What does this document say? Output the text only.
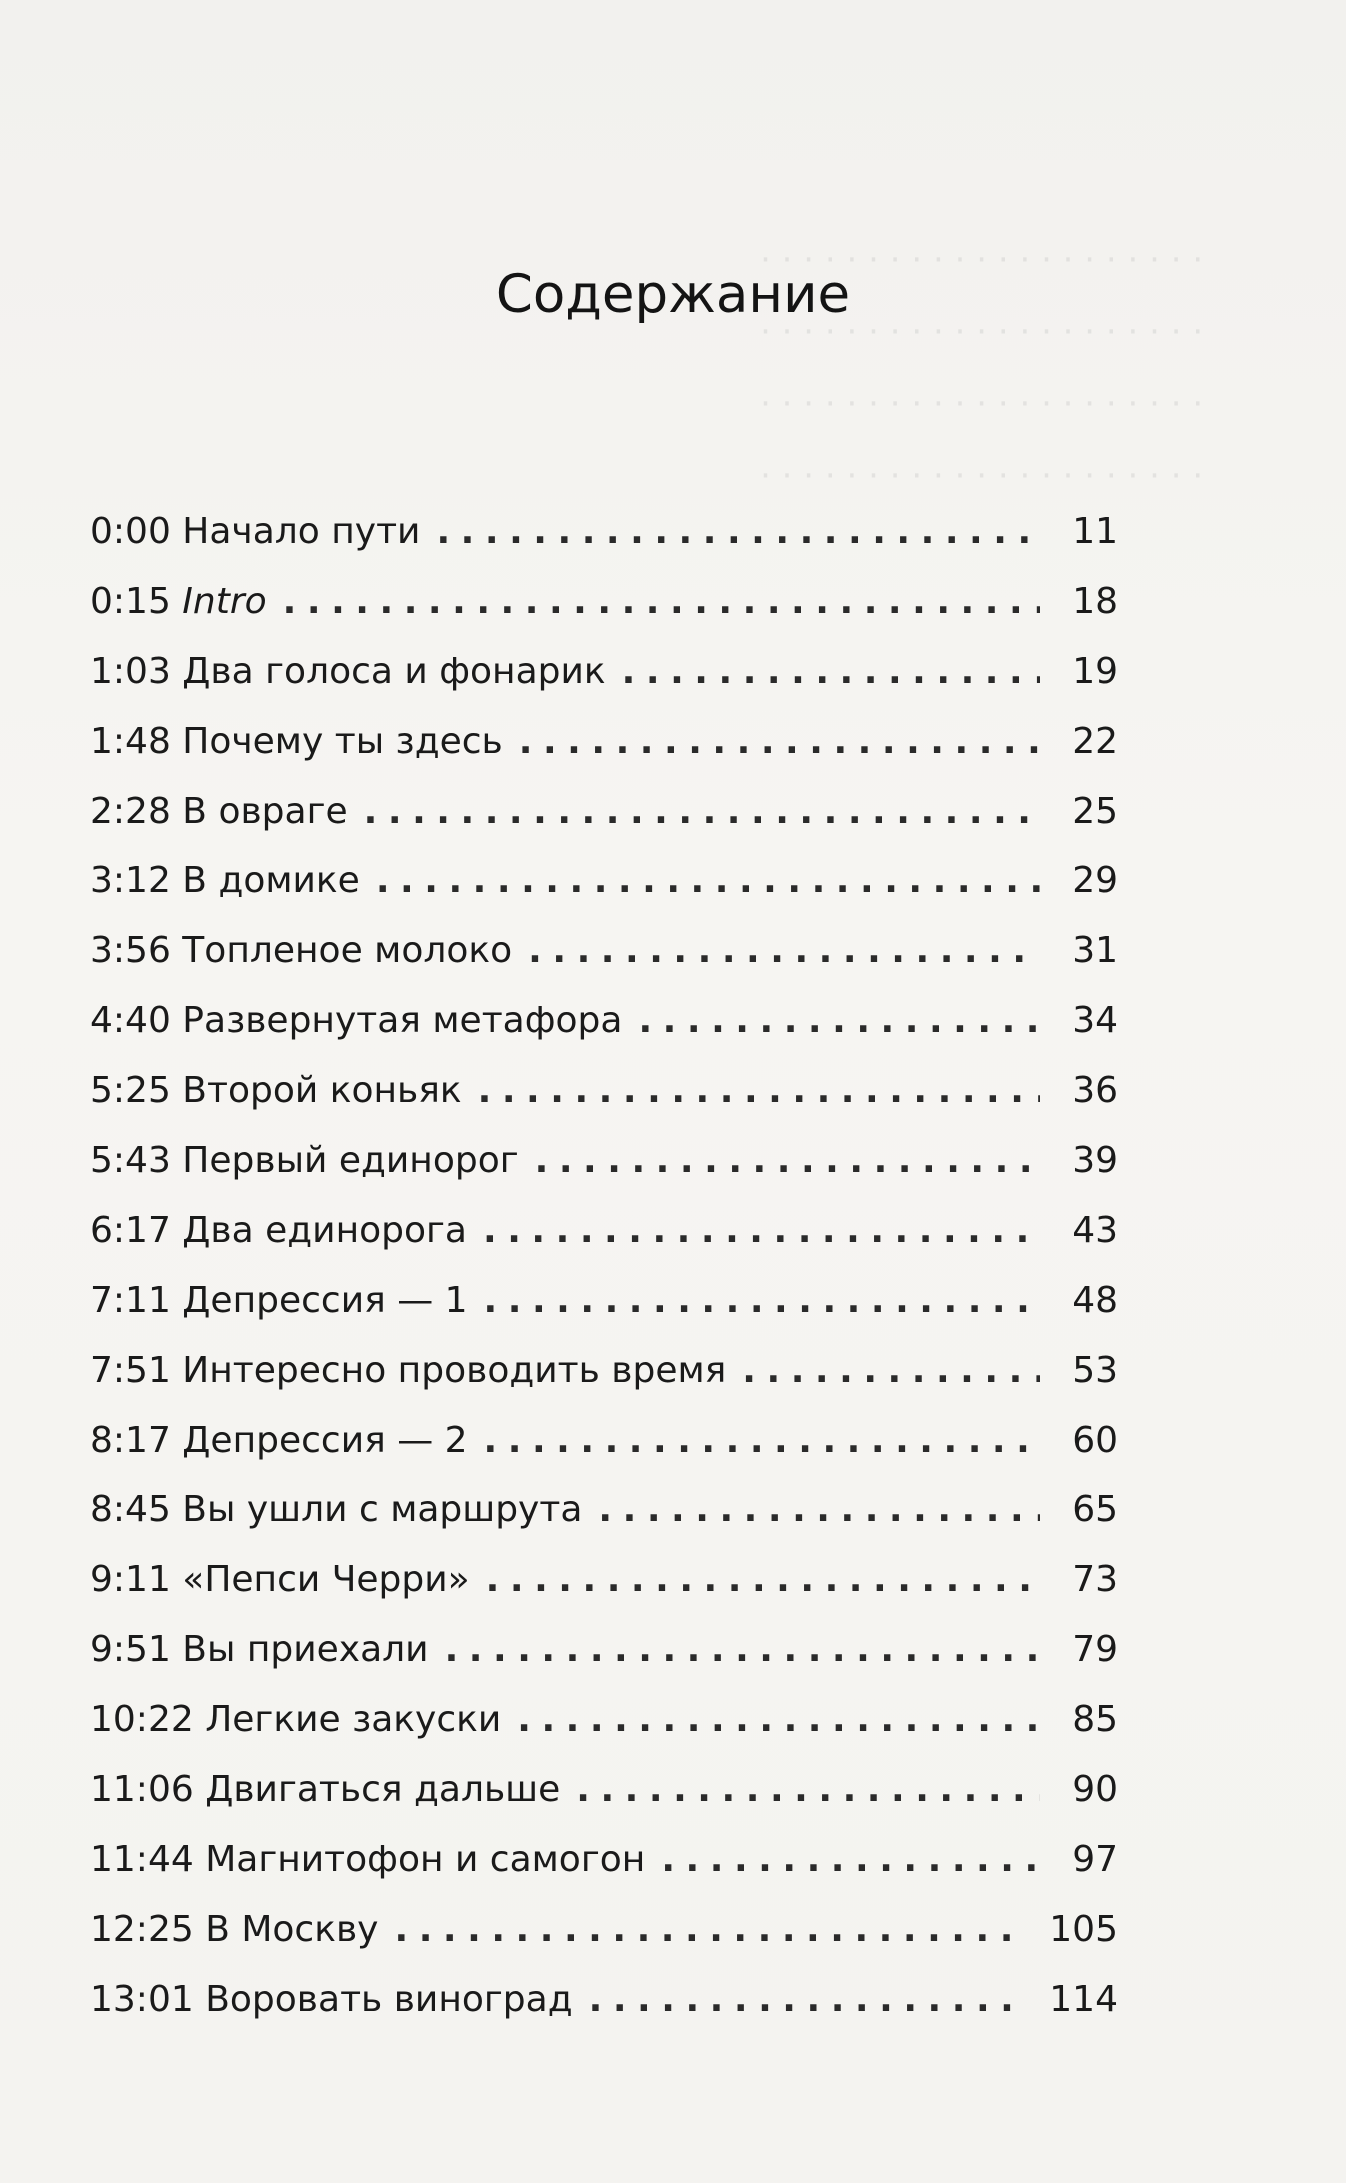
· · · · · · · · · · · · · · · · · · · · ·
· · · · · · · · · · · · · · · · · · · · ·
· · · · · · · · · · · · · · · · · · · · ·
· · · · · · · · · · · · · · · · · · · · ·
Содержание
0:00 Начало пути . . .	11
0:15 Intro . . .	18
1:03 Два голоса и фонарик . . .	19
1:48 Почему ты здесь . . .	22
2:28 В овраге . . .	25
3:12 В домике . . .	29
3:56 Топленое молоко . . .	31
4:40 Развернутая метафора . . .	34
5:25 Второй коньяк . . .	36
5:43 Первый единорог . . .	39
6:17 Два единорога . . .	43
7:11 Депрессия — 1 . . .	48
7:51 Интересно проводить время . . .	53
8:17 Депрессия — 2 . . .	60
8:45 Вы ушли с маршрута . . .	65
9:11 «Пепси Черри» . . .	73
9:51 Вы приехали . . .	79
10:22 Легкие закуски . . .	85
11:06 Двигаться дальше . . .	90
11:44 Магнитофон и самогон . . .	97
12:25 В Москву . . .	105
13:01 Воровать виноград . . .	114
